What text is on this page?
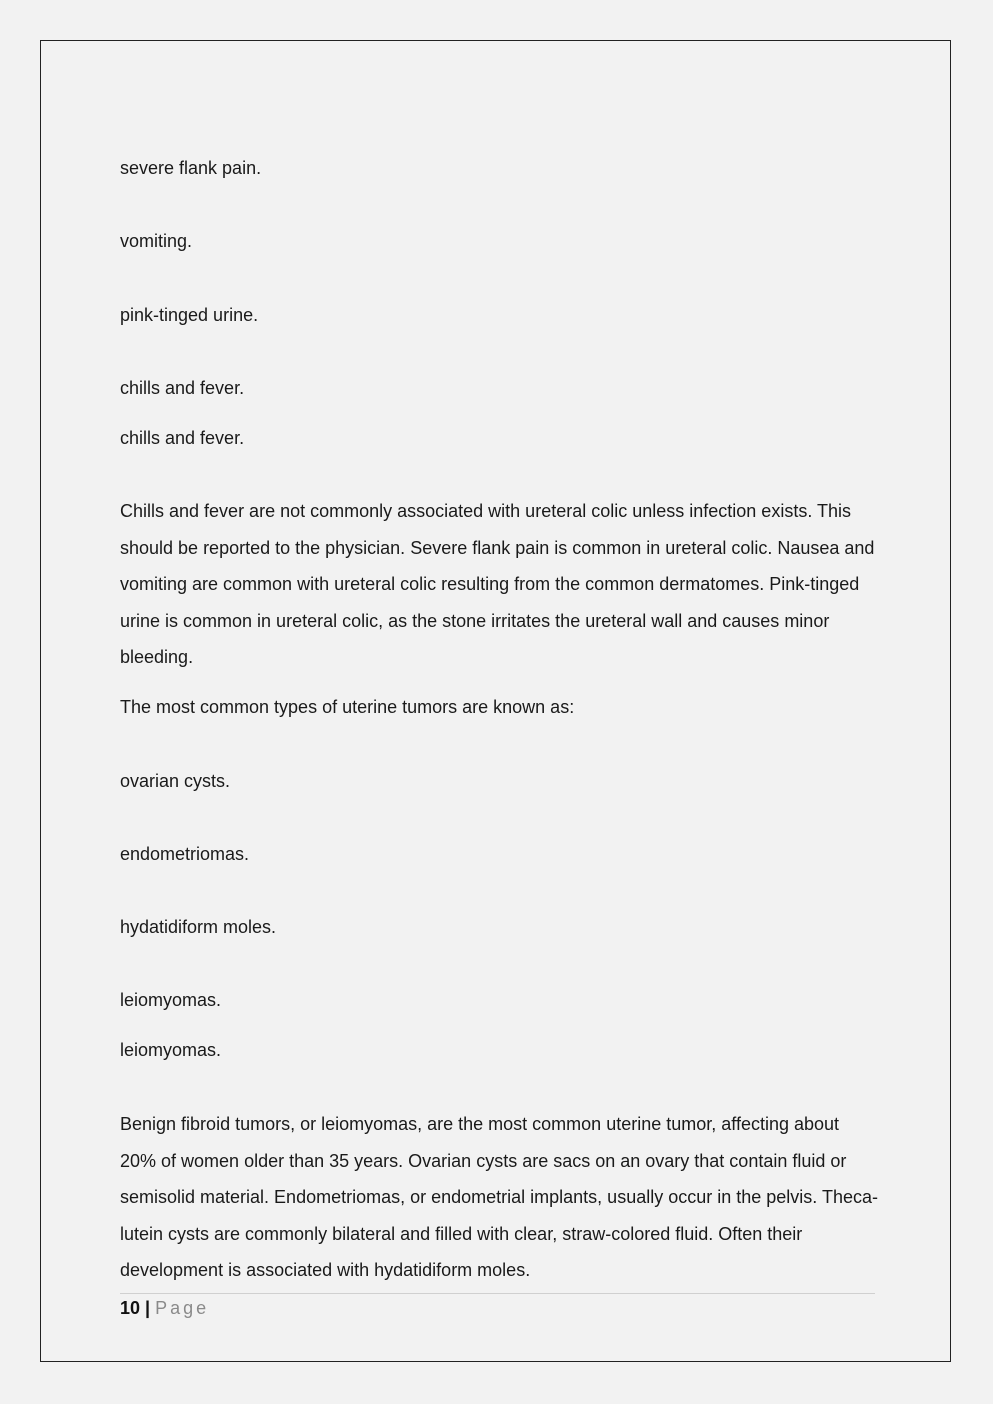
severe flank pain.
vomiting.
pink-tinged urine.
chills and fever.
chills and fever.
Chills and fever are not commonly associated with ureteral colic unless infection exists. This should be reported to the physician. Severe flank pain is common in ureteral colic. Nausea and vomiting are common with ureteral colic resulting from the common dermatomes. Pink-tinged urine is common in ureteral colic, as the stone irritates the ureteral wall and causes minor bleeding.
The most common types of uterine tumors are known as:
ovarian cysts.
endometriomas.
hydatidiform moles.
leiomyomas.
leiomyomas.
Benign fibroid tumors, or leiomyomas, are the most common uterine tumor, affecting about 20% of women older than 35 years. Ovarian cysts are sacs on an ovary that contain fluid or semisolid material. Endometriomas, or endometrial implants, usually occur in the pelvis. Theca-lutein cysts are commonly bilateral and filled with clear, straw-colored fluid. Often their development is associated with hydatidiform moles.
10 | Page
